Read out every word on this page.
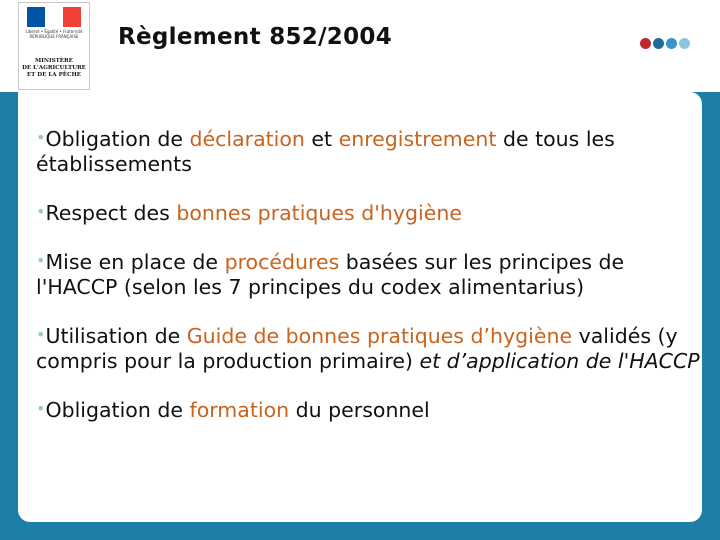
Liberté • Égalité • Fraternité RÉPUBLIQUE FRANÇAISE
MINISTÈRE
DE L'AGRICULTURE
ET DE LA PÊCHE
Règlement 852/2004
•Obligation de déclaration et enregistrement de tous les établissements
•Respect des bonnes pratiques d'hygiène
•Mise en place de procédures basées sur les principes de l'HACCP (selon les 7 principes du codex alimentarius)
•Utilisation de Guide de bonnes pratiques d’hygiène validés (y compris pour la production primaire) et d’application de l'HACCP
•Obligation de formation du personnel
